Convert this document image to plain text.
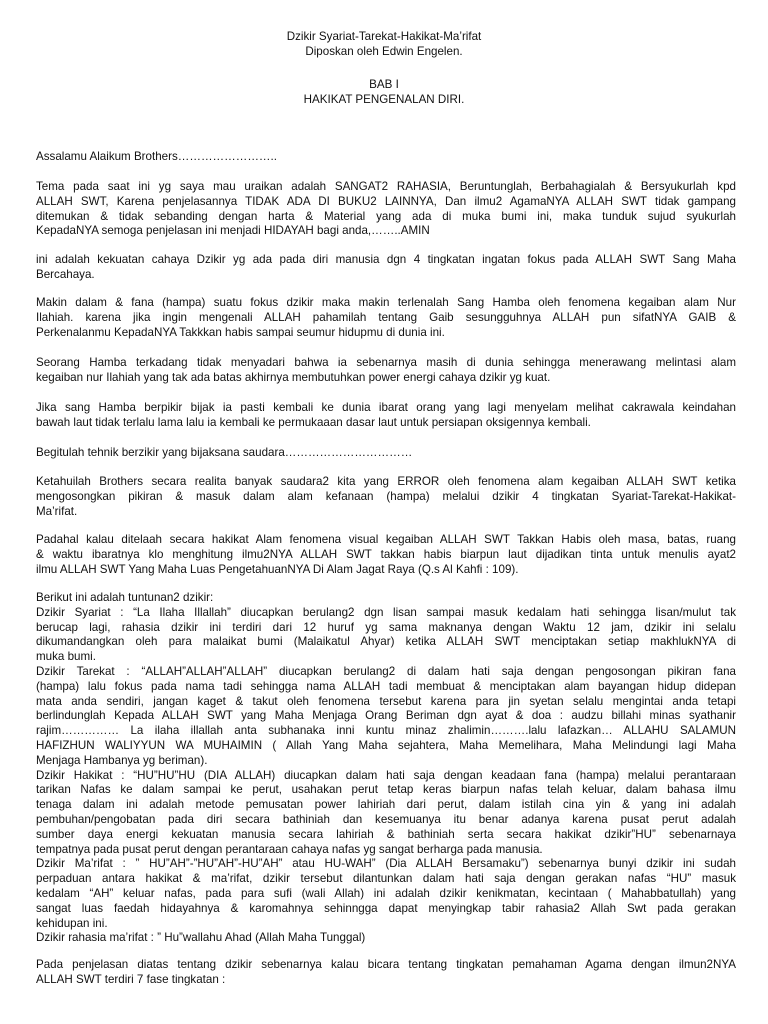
Dzikir Syariat-Tarekat-Hakikat-Ma’rifat
Diposkan oleh Edwin Engelen.
BAB I
HAKIKAT PENGENALAN DIRI.
Assalamu Alaikum Brothers……………………..
Tema pada saat ini yg saya mau uraikan adalah SANGAT2 RAHASIA, Beruntunglah, Berbahagialah & Bersyukurlah kpd
ALLAH SWT, Karena penjelasannya TIDAK ADA DI BUKU2 LAINNYA, Dan ilmu2 AgamaNYA ALLAH SWT tidak gampang
ditemukan & tidak sebanding dengan harta & Material yang ada di muka bumi ini, maka tunduk sujud syukurlah
KepadaNYA semoga penjelasan ini menjadi HIDAYAH bagi anda,……..AMIN
ini adalah kekuatan cahaya Dzikir yg ada pada diri manusia dgn 4 tingkatan ingatan fokus pada ALLAH SWT Sang Maha
Bercahaya.
Makin dalam & fana (hampa) suatu fokus dzikir maka makin terlenalah Sang Hamba oleh fenomena kegaiban alam Nur
Ilahiah. karena jika ingin mengenali ALLAH pahamilah tentang Gaib sesungguhnya ALLAH pun sifatNYA GAIB &
Perkenalanmu KepadaNYA Takkkan habis sampai seumur hidupmu di dunia ini.
Seorang Hamba terkadang tidak menyadari bahwa ia sebenarnya masih di dunia sehingga menerawang melintasi alam
kegaiban nur Ilahiah yang tak ada batas akhirnya membutuhkan power energi cahaya dzikir yg kuat.
Jika sang Hamba berpikir bijak ia pasti kembali ke dunia ibarat orang yang lagi menyelam melihat cakrawala keindahan
bawah laut tidak terlalu lama lalu ia kembali ke permukaaan dasar laut untuk persiapan oksigennya kembali.
Begitulah tehnik berzikir yang bijaksana saudara……………………………
Ketahuilah Brothers secara realita banyak saudara2 kita yang ERROR oleh fenomena alam kegaiban ALLAH SWT ketika
mengosongkan pikiran & masuk dalam alam kefanaan (hampa) melalui dzikir 4 tingkatan Syariat-Tarekat-Hakikat-
Ma’rifat.
Padahal kalau ditelaah secara hakikat Alam fenomena visual kegaiban ALLAH SWT Takkan Habis oleh masa, batas, ruang
& waktu ibaratnya klo menghitung ilmu2NYA ALLAH SWT takkan habis biarpun laut dijadikan tinta untuk menulis ayat2
ilmu ALLAH SWT Yang Maha Luas PengetahuanNYA Di Alam Jagat Raya (Q.s Al Kahfi : 109).
Berikut ini adalah tuntunan2 dzikir:
Dzikir Syariat : “La Ilaha Illallah” diucapkan berulang2 dgn lisan sampai masuk kedalam hati sehingga lisan/mulut tak
berucap lagi, rahasia dzikir ini terdiri dari 12 huruf yg sama maknanya dengan Waktu 12 jam, dzikir ini selalu
dikumandangkan oleh para malaikat bumi (Malaikatul Ahyar) ketika ALLAH SWT menciptakan setiap makhlukNYA di
muka bumi.
Dzikir Tarekat : “ALLAH”ALLAH”ALLAH” diucapkan berulang2 di dalam hati saja dengan pengosongan pikiran fana
(hampa) lalu fokus pada nama tadi sehingga nama ALLAH tadi membuat & menciptakan alam bayangan hidup didepan
mata anda sendiri, jangan kaget & takut oleh fenomena tersebut karena para jin syetan selalu mengintai anda tetapi
berlindunglah Kepada ALLAH SWT yang Maha Menjaga Orang Beriman dgn ayat & doa : audzu billahi minas syathanir
rajim…………… La ilaha illallah anta subhanaka inni kuntu minaz zhalimin……….lalu lafazkan… ALLAHU SALAMUN
HAFIZHUN WALIYYUN WA MUHAIMIN ( Allah Yang Maha sejahtera, Maha Memelihara, Maha Melindungi lagi Maha
Menjaga Hambanya yg beriman).
Dzikir Hakikat : “HU”HU”HU (DIA ALLAH) diucapkan dalam hati saja dengan keadaan fana (hampa) melalui perantaraan
tarikan Nafas ke dalam sampai ke perut, usahakan perut tetap keras biarpun nafas telah keluar, dalam bahasa ilmu
tenaga dalam ini adalah metode pemusatan power lahiriah dari perut, dalam istilah cina yin & yang ini adalah
pembuhan/pengobatan pada diri secara bathiniah dan kesemuanya itu benar adanya karena pusat perut adalah
sumber daya energi kekuatan manusia secara lahiriah & bathiniah serta secara hakikat dzikir”HU” sebenarnaya
tempatnya pada pusat perut dengan perantaraan cahaya nafas yg sangat berharga pada manusia.
Dzikir Ma’rifat : ” HU”AH”-”HU”AH”-HU”AH” atau HU-WAH” (Dia ALLAH Bersamaku”) sebenarnya bunyi dzikir ini sudah
perpaduan antara hakikat & ma’rifat, dzikir tersebut dilantunkan dalam hati saja dengan gerakan nafas “HU” masuk
kedalam “AH” keluar nafas, pada para sufi (wali Allah) ini adalah dzikir kenikmatan, kecintaan ( Mahabbatullah) yang
sangat luas faedah hidayahnya & karomahnya sehinngga dapat menyingkap tabir rahasia2 Allah Swt pada gerakan
kehidupan ini.
Dzikir rahasia ma’rifat : ” Hu”wallahu Ahad (Allah Maha Tunggal)
Pada penjelasan diatas tentang dzikir sebenarnya kalau bicara tentang tingkatan pemahaman Agama dengan ilmun2NYA
ALLAH SWT terdiri 7 fase tingkatan :
